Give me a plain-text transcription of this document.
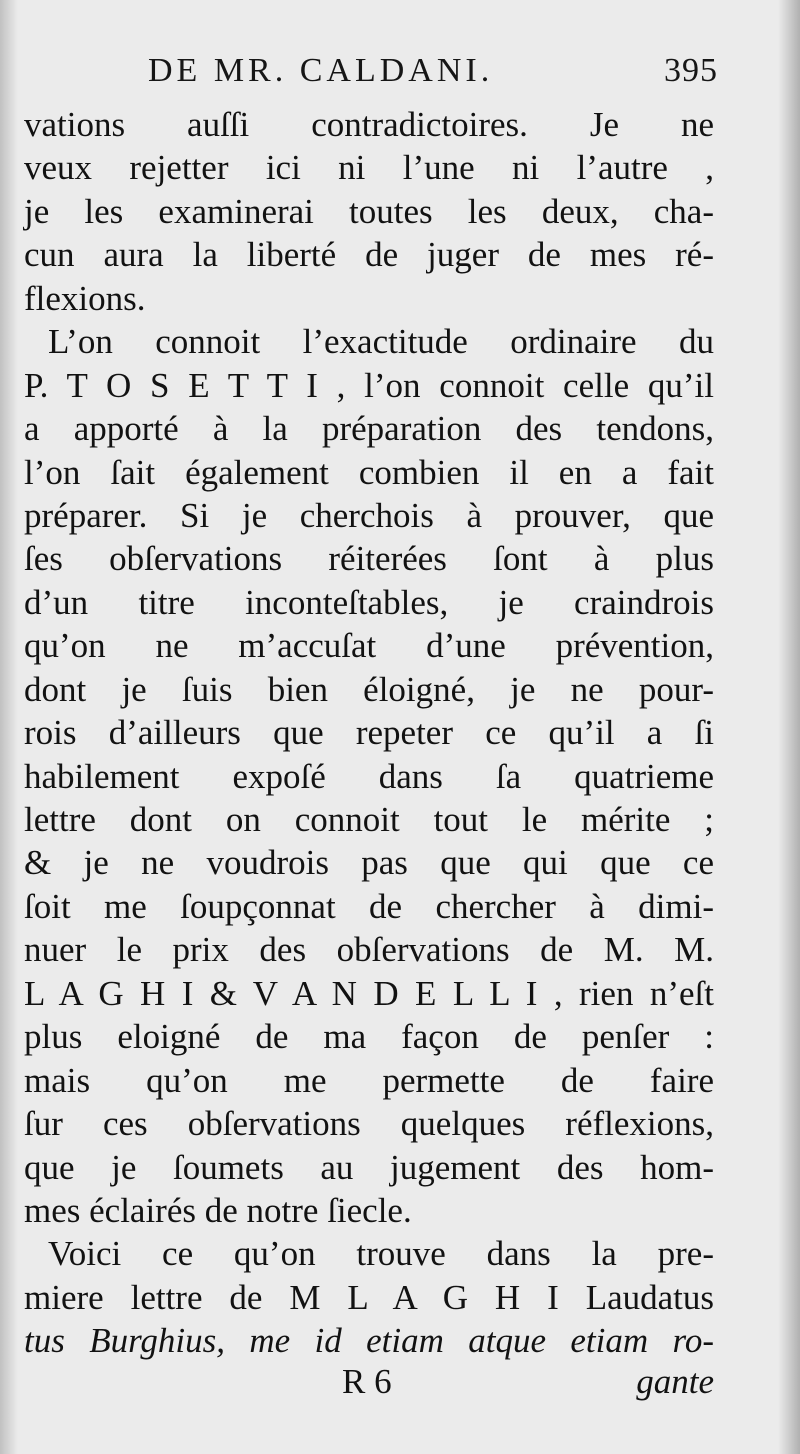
DE MR. CALDANI.	395
vations auſſi contradictoires. Je ne
veux rejetter ici ni l’une ni l’autre ,
je les examinerai toutes les deux, cha-
cun aura la liberté de juger de mes ré-
flexions.
L’on connoit l’exactitude ordinaire du
P. T O S E T T I , l’on connoit celle qu’il
a apporté à la préparation des tendons,
l’on ſait également combien il en a fait
préparer. Si je cherchois à prouver, que
ſes obſervations réiterées ſont à plus
d’un titre inconteſtables, je craindrois
qu’on ne m’accuſat d’une prévention,
dont je ſuis bien éloigné, je ne pour-
rois d’ailleurs que repeter ce qu’il a ſi
habilement expoſé dans ſa quatrieme
lettre dont on connoit tout le mérite ;
& je ne voudrois pas que qui que ce
ſoit me ſoupçonnat de chercher à dimi-
nuer le prix des obſervations de M. M.
L A G H I & V A N D E L L I , rien n’eſt
plus eloigné de ma façon de penſer :
mais qu’on me permette de faire
ſur ces obſervations quelques réflexions,
que je ſoumets au jugement des hom-
mes éclairés de notre ſiecle.
Voici ce qu’on trouve dans la pre-
miere lettre de M L A G H I Laudatus
tus Burghius, me id etiam atque etiam ro-
R 6	gante
